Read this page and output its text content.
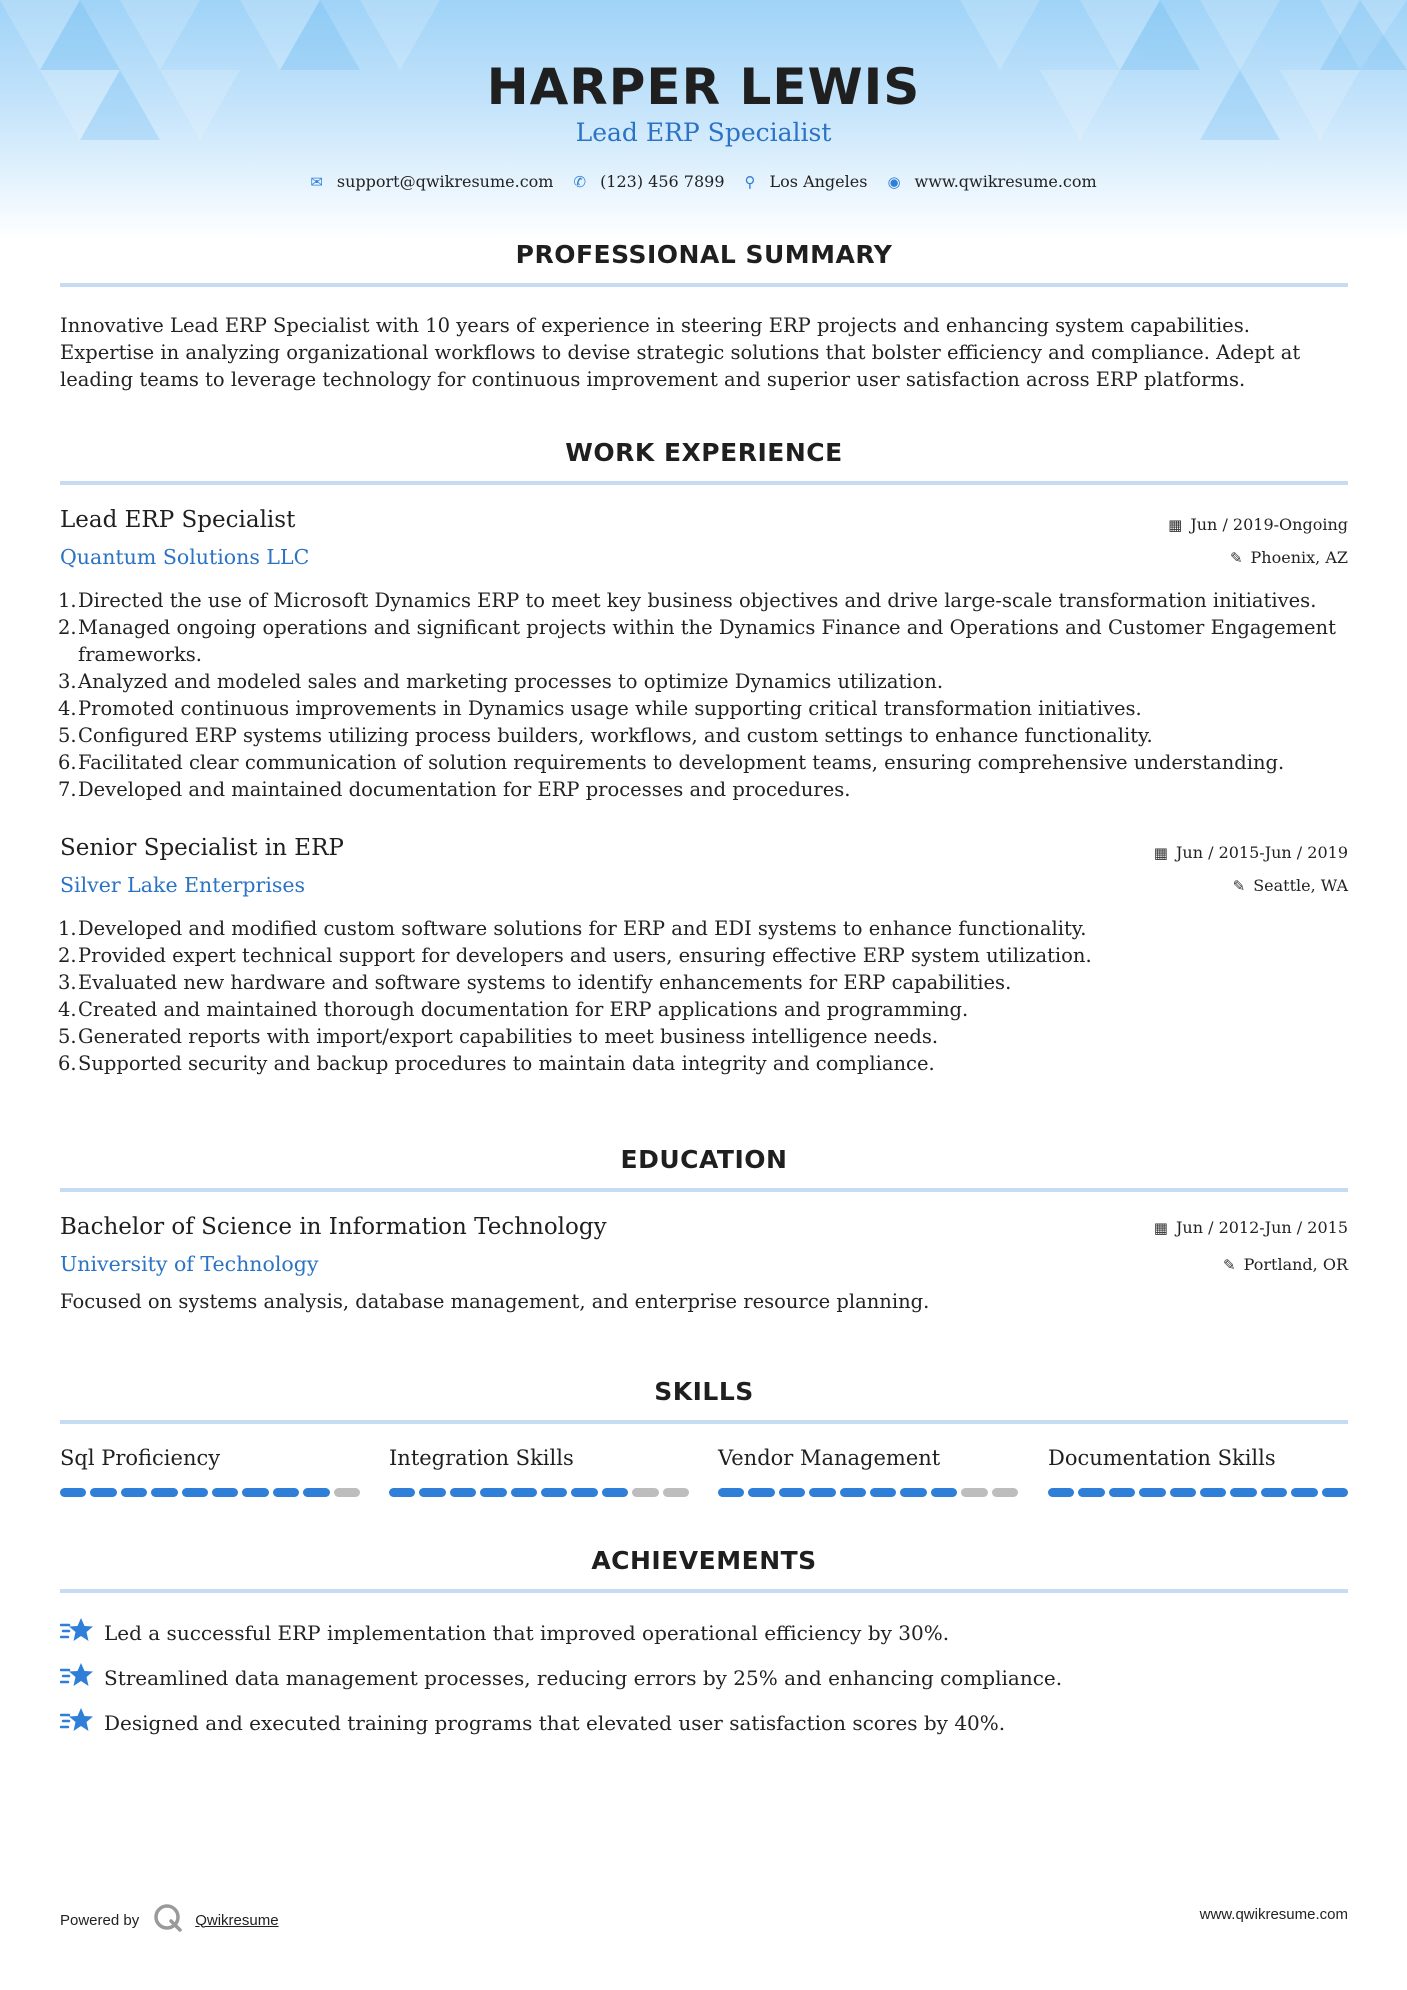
HARPER LEWIS
Lead ERP Specialist
✉ support@qwikresume.com ✆ (123) 456 7899 ⚲ Los Angeles ◉ www.qwikresume.com
PROFESSIONAL SUMMARY
Innovative Lead ERP Specialist with 10 years of experience in steering ERP projects and enhancing system capabilities.
Expertise in analyzing organizational workflows to devise strategic solutions that bolster efficiency and compliance. Adept at
leading teams to leverage technology for continuous improvement and superior user satisfaction across ERP platforms.
WORK EXPERIENCE
Lead ERP Specialist
Quantum Solutions LLC
▦ Jun / 2019-Ongoing
✎ Phoenix, AZ
1. Directed the use of Microsoft Dynamics ERP to meet key business objectives and drive large-scale transformation initiatives.
2. Managed ongoing operations and significant projects within the Dynamics Finance and Operations and Customer Engagement frameworks.
3. Analyzed and modeled sales and marketing processes to optimize Dynamics utilization.
4. Promoted continuous improvements in Dynamics usage while supporting critical transformation initiatives.
5. Configured ERP systems utilizing process builders, workflows, and custom settings to enhance functionality.
6. Facilitated clear communication of solution requirements to development teams, ensuring comprehensive understanding.
7. Developed and maintained documentation for ERP processes and procedures.
Senior Specialist in ERP
Silver Lake Enterprises
▦ Jun / 2015-Jun / 2019
✎ Seattle, WA
1. Developed and modified custom software solutions for ERP and EDI systems to enhance functionality.
2. Provided expert technical support for developers and users, ensuring effective ERP system utilization.
3. Evaluated new hardware and software systems to identify enhancements for ERP capabilities.
4. Created and maintained thorough documentation for ERP applications and programming.
5. Generated reports with import/export capabilities to meet business intelligence needs.
6. Supported security and backup procedures to maintain data integrity and compliance.
EDUCATION
Bachelor of Science in Information Technology
University of Technology
▦ Jun / 2012-Jun / 2015
✎ Portland, OR
Focused on systems analysis, database management, and enterprise resource planning.
SKILLS
Sql Proficiency	Integration Skills	Vendor Management	Documentation Skills
ACHIEVEMENTS
Led a successful ERP implementation that improved operational efficiency by 30%.
Streamlined data management processes, reducing errors by 25% and enhancing compliance.
Designed and executed training programs that elevated user satisfaction scores by 40%.
Powered by	Qwikresume	www.qwikresume.com
